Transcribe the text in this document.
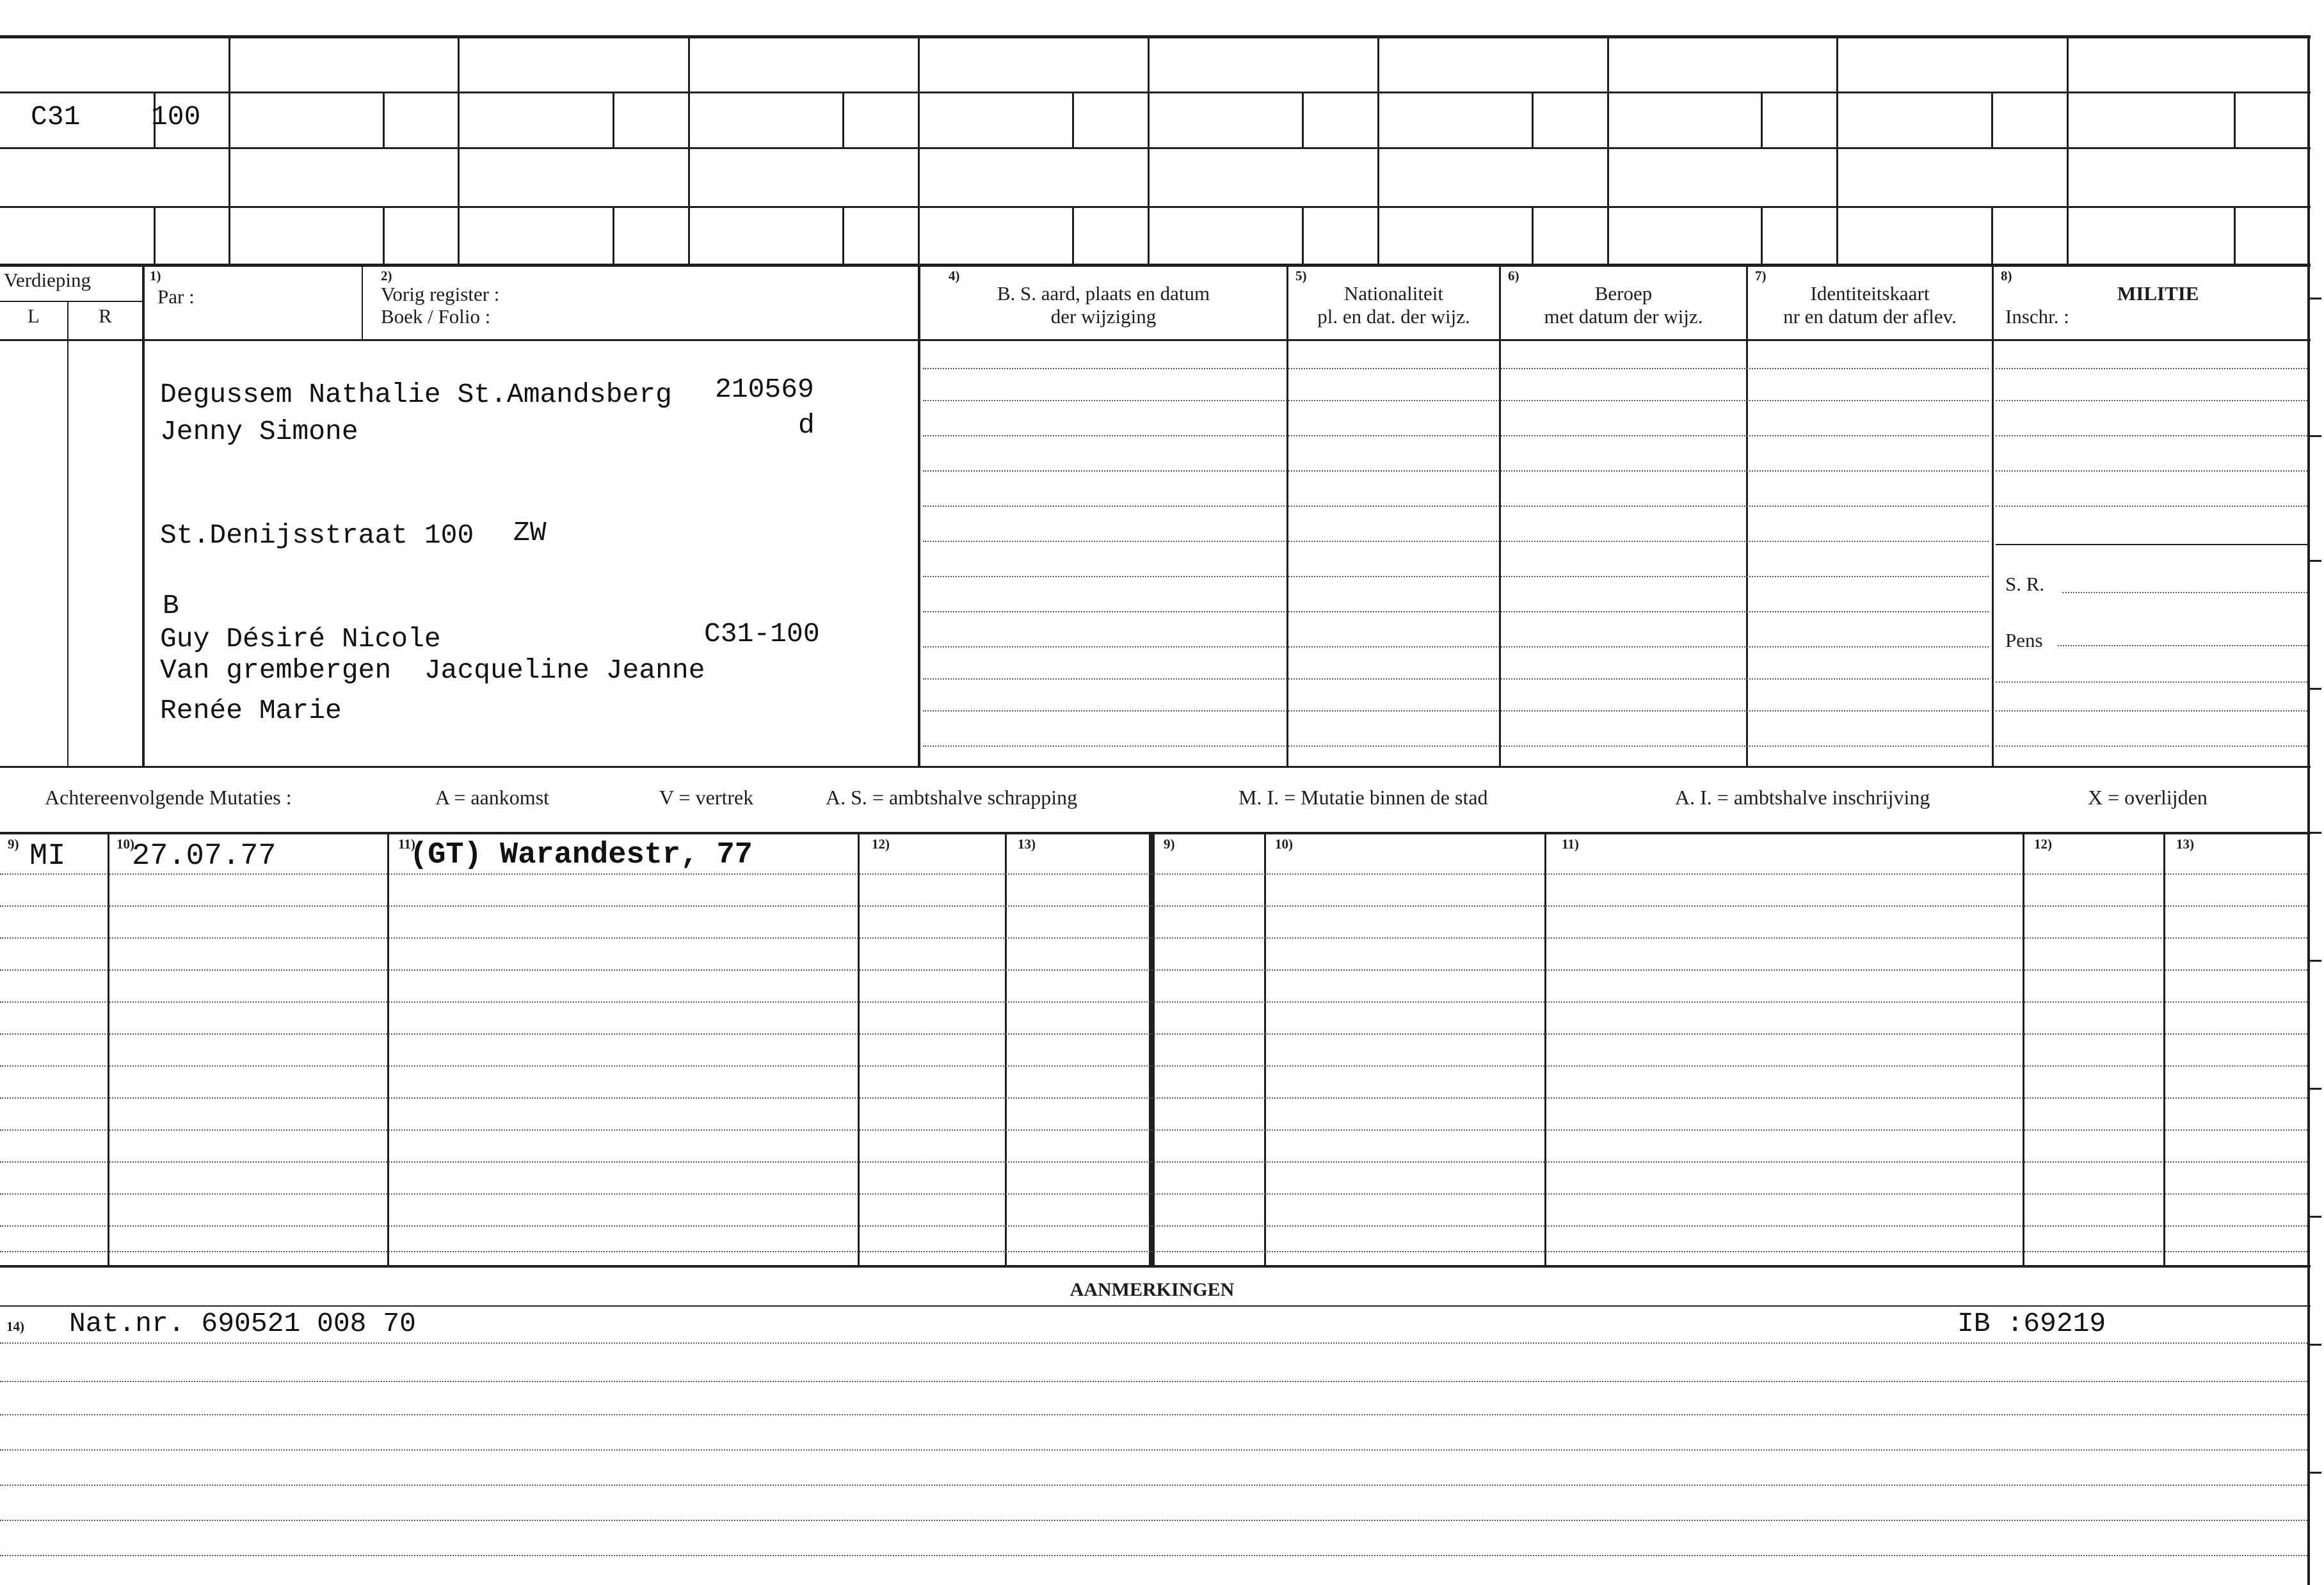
C31	100
Verdieping
L	R
1)
Par :
2)
Vorig register :
Boek / Folio :
4)
B. S. aard, plaats en datum
der wijziging
5)
Nationaliteit
pl. en dat. der wijz.
6)
Beroep
met datum der wijz.
7)
Identiteitskaart
nr en datum der aflev.
8)
MILITIE
Inschr. :
S. R.
Pens
Degussem Nathalie St.Amandsberg 210569
Jenny Simone	d
St.Denijsstraat 100 ZW
B
Guy Désiré Nicole	C31-100
Van grembergen  Jacqueline Jeanne
Renée Marie
Achtereenvolgende Mutaties :	A = aankomst	V = vertrek	A. S. = ambtshalve schrapping	M. I. = Mutatie binnen de stad	A. I. = ambtshalve inschrijving	X = overlijden
9)	10)	11)	12)	13)	9)	10)	11)	12)	13)
MI 27.07.77	(GT) Warandestr, 77
AANMERKINGEN
14) Nat.nr. 690521 008 70	IB :69219
